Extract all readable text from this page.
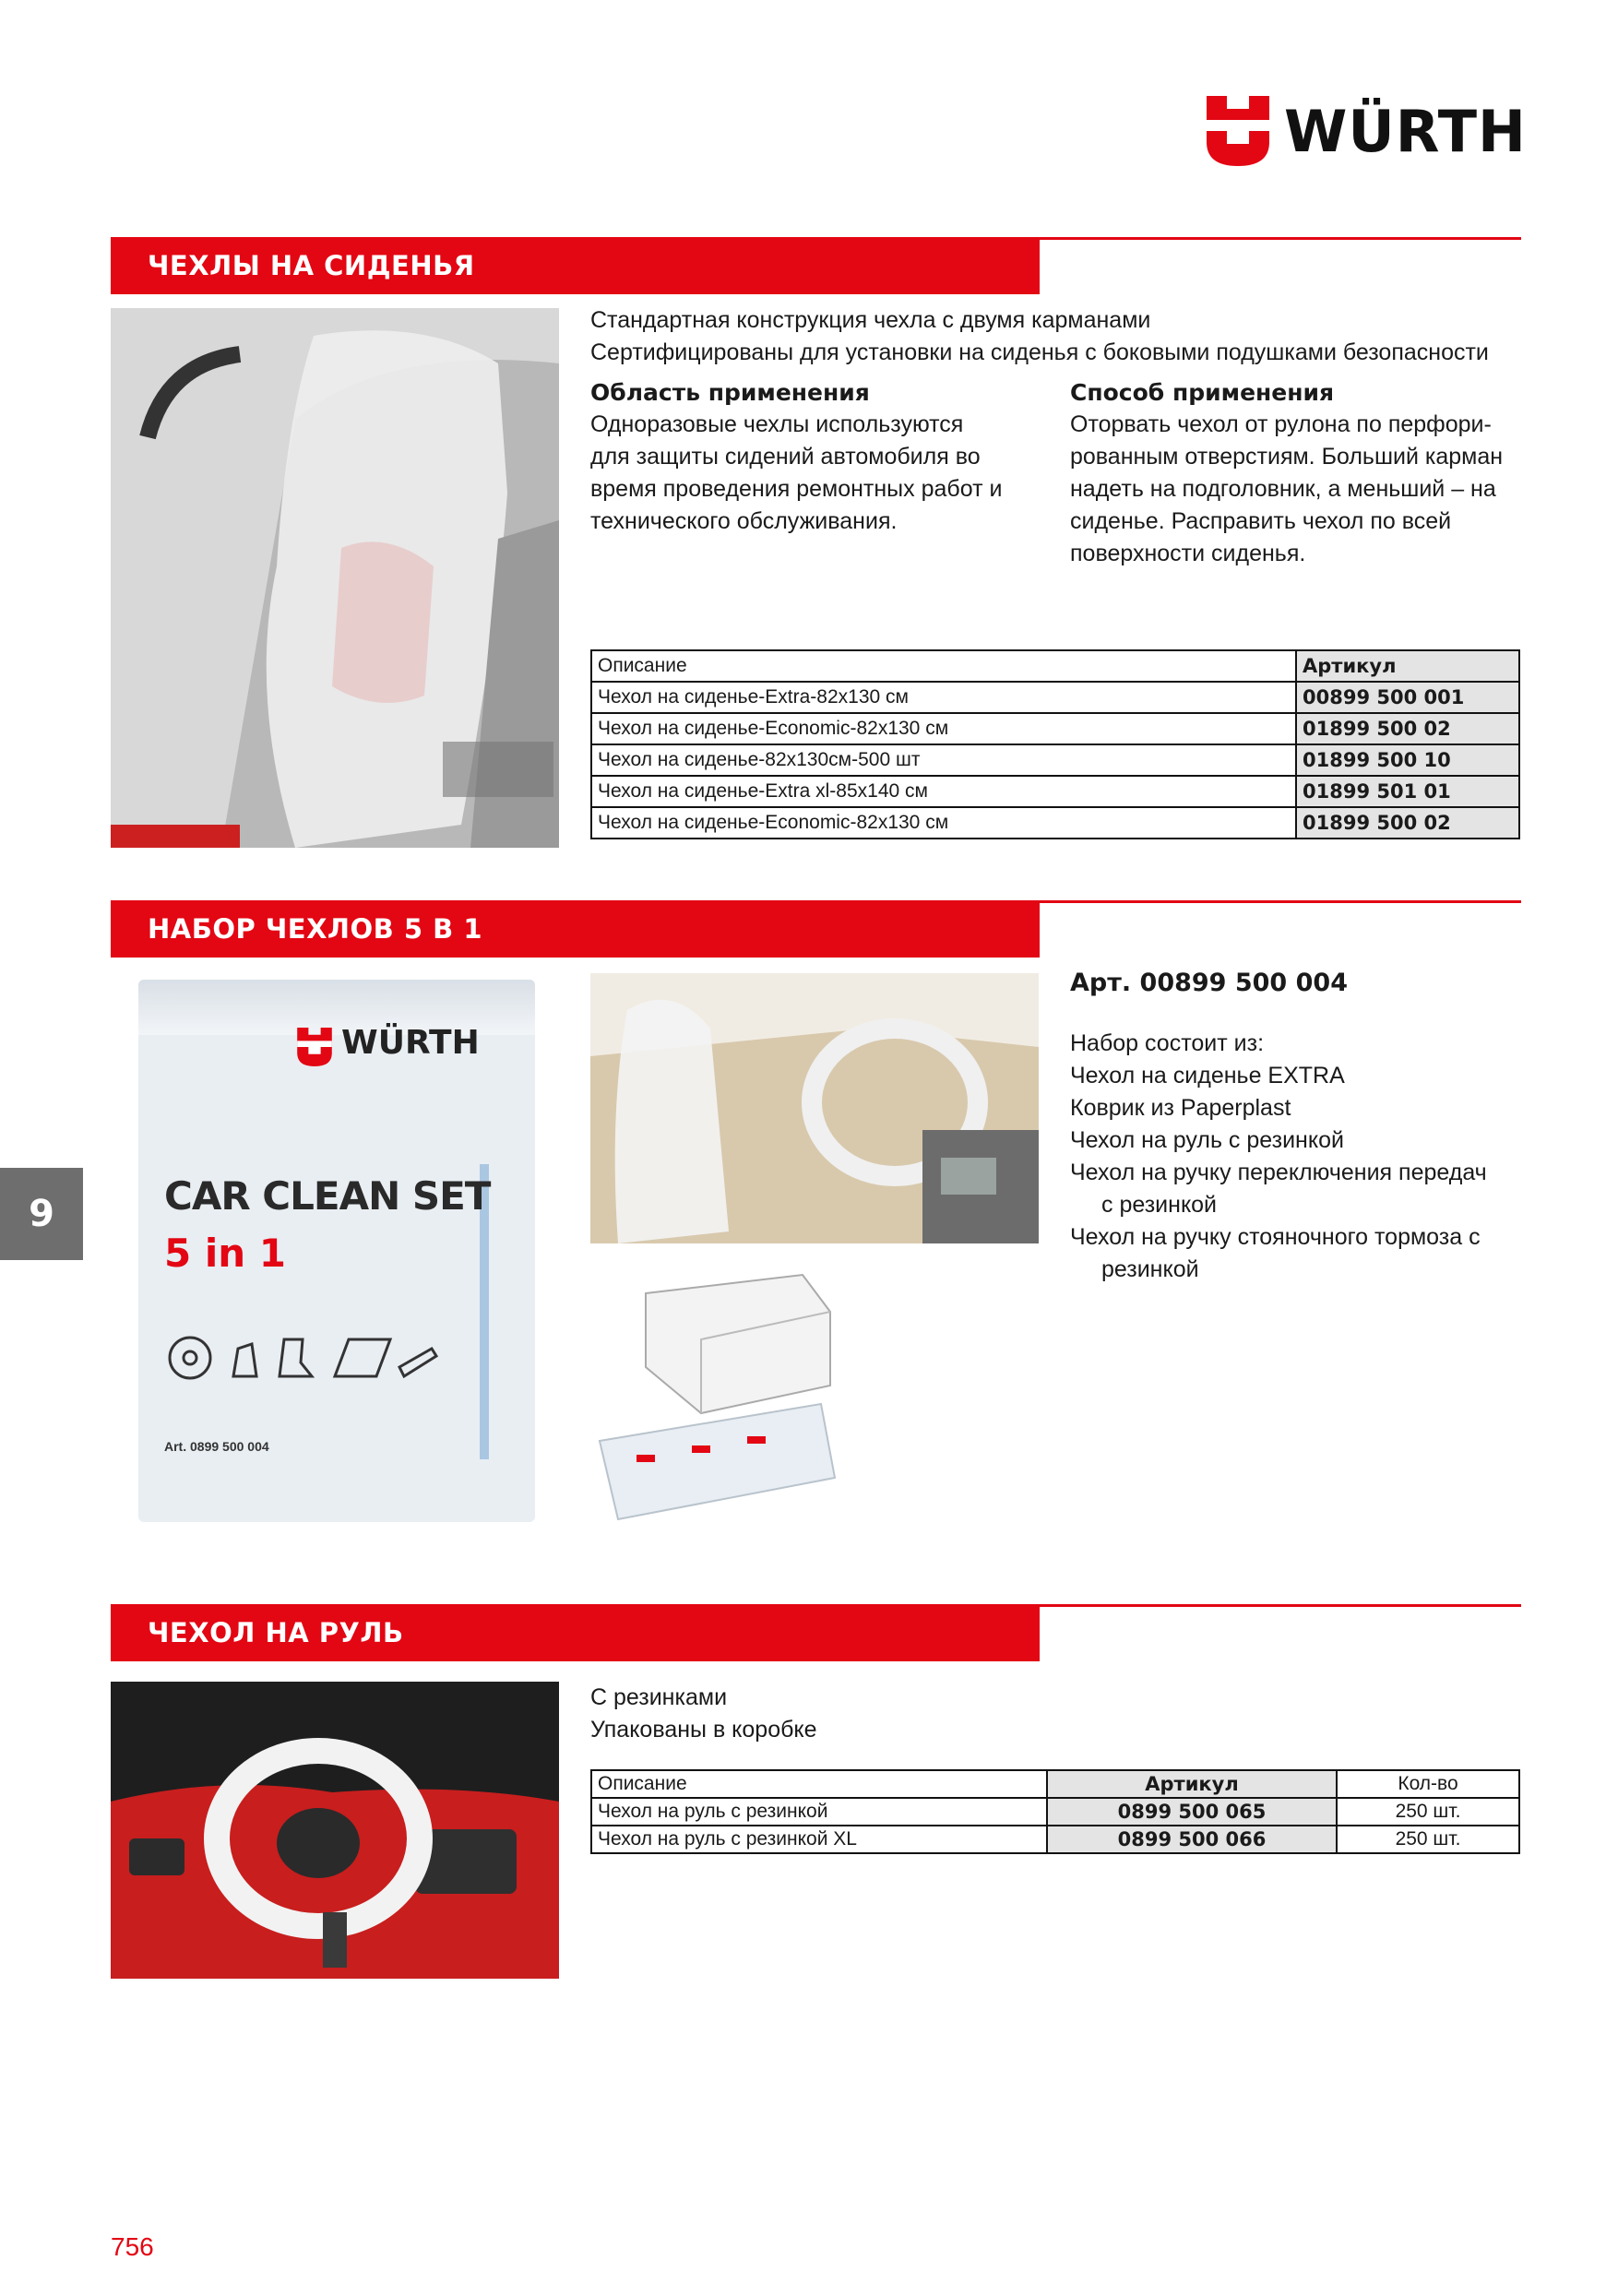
WÜRTH
ЧЕХЛЫ НА СИДЕНЬЯ

Стандартная конструкция чехла с двумя карманами

Сертифицированы для установки на сиденья с боковыми подушками безопасности

Область применения

Одноразовые чехлы используются

для защиты сидений автомобиля во

время проведения ремонтных работ и

технического обслуживания.

Способ применения

Оторвать чехол от рулона по перфори-

рованным отверстиям. Больший карман

надеть на подголовник, а меньший – на

сиденье. Расправить чехол по всей

поверхности сиденья.

Описание	Артикул
Чехол на сиденье-Extra-82x130 см	00899 500 001
Чехол на сиденье-Economic-82x130 см	01899 500 02
Чехол на сиденье-82x130см-500 шт	01899 500 10
Чехол на сиденье-Extra xl-85x140 см	01899 501 01
Чехол на сиденье-Economic-82x130 см	01899 500 02
НАБОР ЧЕХЛОВ 5 В 1
WÜRTH
CAR CLEAN SET
5 in 1
Art. 0899 500 004

Арт. 00899 500 004

Набор состоит из:

Чехол на сиденье EXTRA

Коврик из Paperplast

Чехол на руль с резинкой

Чехол на ручку переключения передач

с резинкой

Чехол на ручку стояночного тормоза с

резинкой

9
ЧЕХОЛ НА РУЛЬ

С резинками

Упакованы в коробке

Описание	Артикул	Кол-во
Чехол на руль с резинкой	0899 500 065	250 шт.
Чехол на руль с резинкой XL	0899 500 066	250 шт.
756
